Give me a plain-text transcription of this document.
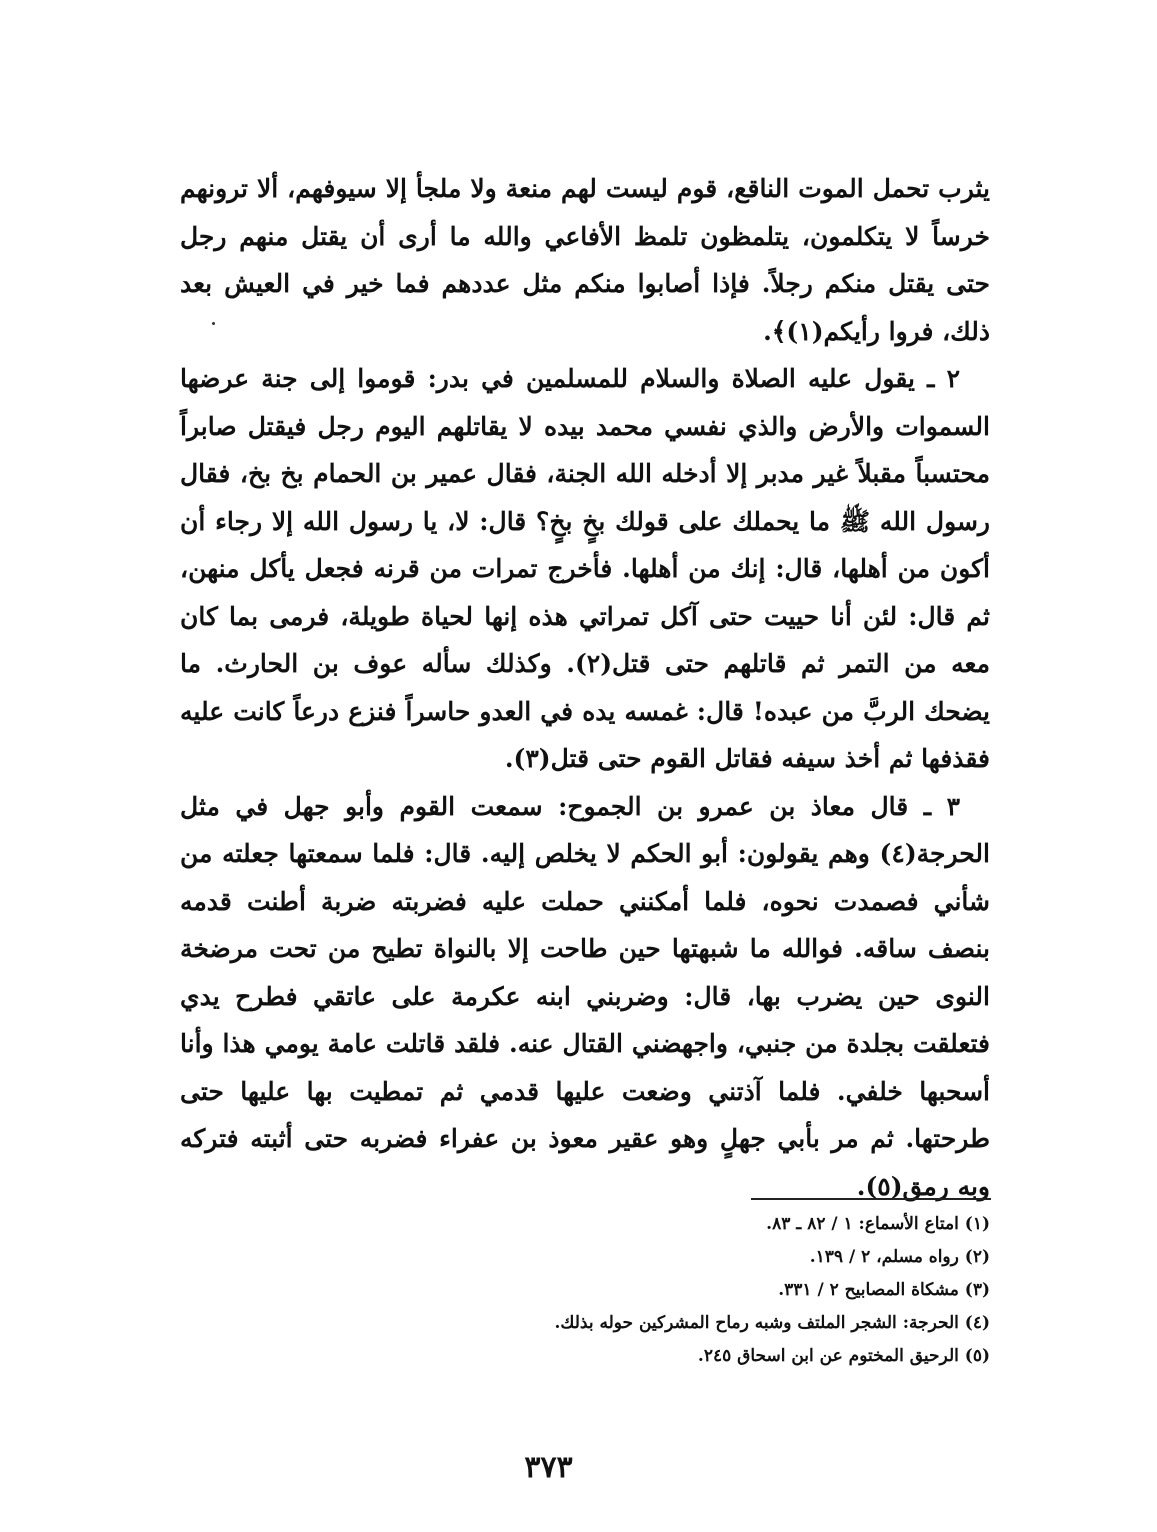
يثرب تحمل الموت الناقع، قوم ليست لهم منعة ولا ملجأ إلا سيوفهم، ألا ترونهم خرساً لا يتكلمون، يتلمظون تلمظ الأفاعي والله ما أرى أن يقتل منهم رجل حتى يقتل منكم رجلاً. فإذا أصابوا منكم مثل عددهم فما خير في العيش بعد ذلك، فروا رأيكم(١)﴾.

٢ ـ يقول عليه الصلاة والسلام للمسلمين في بدر: قوموا إلى جنة عرضها السموات والأرض والذي نفسي محمد بيده لا يقاتلهم اليوم رجل فيقتل صابراً محتسباً مقبلاً غير مدبر إلا أدخله الله الجنة، فقال عمير بن الحمام بخ بخ، فقال رسول الله ﷺ ما يحملك على قولك بخٍ بخٍ؟ قال: لا، يا رسول الله إلا رجاء أن أكون من أهلها، قال: إنك من أهلها. فأخرج تمرات من قرنه فجعل يأكل منهن، ثم قال: لئن أنا حييت حتى آكل تمراتي هذه إنها لحياة طويلة، فرمى بما كان معه من التمر ثم قاتلهم حتى قتل(٢). وكذلك سأله عوف بن الحارث. ما يضحك الربَّ من عبده! قال: غمسه يده في العدو حاسراً فنزع درعاً كانت عليه فقذفها ثم أخذ سيفه فقاتل القوم حتى قتل(٣).

٣ ـ قال معاذ بن عمرو بن الجموح: سمعت القوم وأبو جهل في مثل الحرجة(٤) وهم يقولون: أبو الحكم لا يخلص إليه. قال: فلما سمعتها جعلته من شأني فصمدت نحوه، فلما أمكنني حملت عليه فضربته ضربة أطنت قدمه بنصف ساقه. فوالله ما شبهتها حين طاحت إلا بالنواة تطيح من تحت مرضخة النوى حين يضرب بها، قال: وضربني ابنه عكرمة على عاتقي فطرح يدي فتعلقت بجلدة من جنبي، واجهضني القتال عنه. فلقد قاتلت عامة يومي هذا وأنا أسحبها خلفي. فلما آذتني وضعت عليها قدمي ثم تمطيت بها عليها حتى طرحتها. ثم مر بأبي جهلٍ وهو عقير معوذ بن عفراء فضربه حتى أثبته فتركه وبه رمق(٥).

(١) امتاع الأسماع: ١ / ٨٢ ـ ٨٣.
(٢) رواه مسلم، ٢ / ١٣٩.
(٣) مشكاة المصابيح ٢ / ٣٣١.
(٤) الحرجة: الشجر الملتف وشبه رماح المشركين حوله بذلك.
(٥) الرحيق المختوم عن ابن اسحاق ٢٤٥.
٣٧٣
